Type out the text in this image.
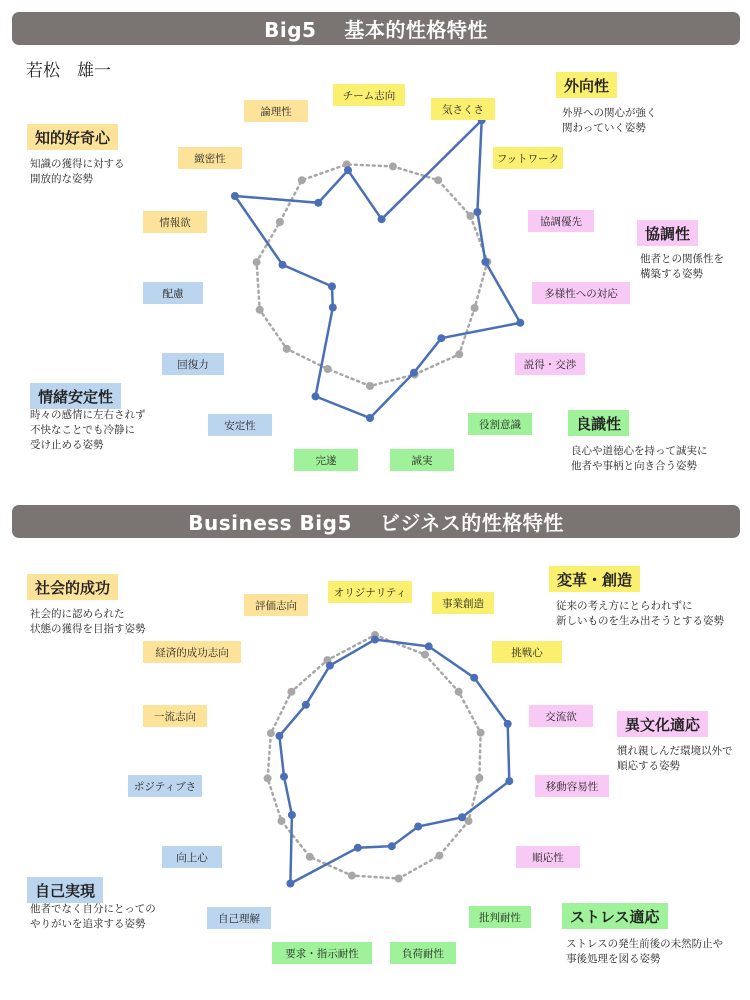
Big5　 基本的性格特性
若松　雄一
チーム志向
気さくさ
フットワーク
協調優先
多様性への対応
説得・交渉
役割意識
誠実
完遂
安定性
回復力
配慮
情報欲
緻密性
論理性
外向性
外界への関心が強く
関わっていく姿勢
協調性
他者との関係性を
構築する姿勢
良識性
良心や道徳心を持って誠実に
他者や事柄と向き合う姿勢
情緒安定性
時々の感情に左右されず
不快なことでも冷静に
受け止める姿勢
知的好奇心
知識の獲得に対する
開放的な姿勢
Business Big5　 ビジネス的性格特性
オリジナリティ
事業創造
挑戦心
交流欲
移動容易性
順応性
批判耐性
負荷耐性
要求・指示耐性
自己理解
向上心
ポジティブさ
一流志向
経済的成功志向
評価志向
変革・創造
従来の考え方にとらわれずに
新しいものを生み出そうとする姿勢
異文化適応
慣れ親しんだ環境以外で
順応する姿勢
ストレス適応
ストレスの発生前後の未然防止や
事後処理を図る姿勢
自己実現
他者でなく自分にとっての
やりがいを追求する姿勢
社会的成功
社会的に認められた
状態の獲得を目指す姿勢
